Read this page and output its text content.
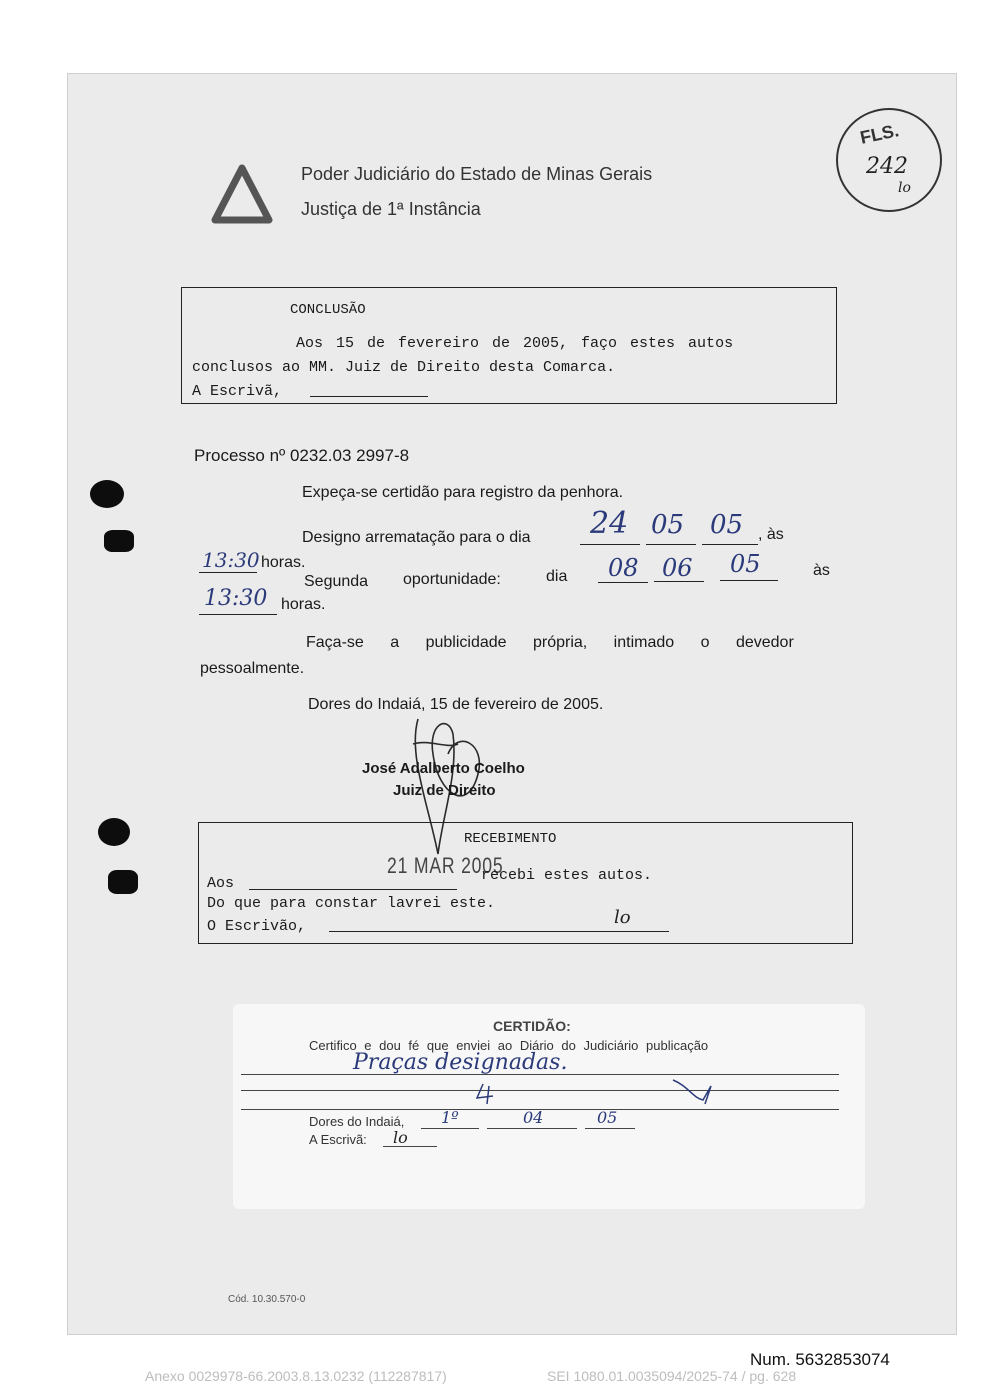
Poder Judiciário do Estado de Minas Gerais
Justiça de 1ª Instância
FLS.
242
lo
CONCLUSÃO
Aos 15 de fevereiro de 2005, faço estes autos
conclusos ao MM. Juiz de Direito desta Comarca.
A Escrivã,
Processo nº 0232.03 2997-8
Expeça-se certidão para registro da penhora.
Designo arrematação para o dia 24 05 05 , às
13:30 horas.
Segunda oportunidade:	dia 08 06 05	às
13:30 horas.
Faça-se a publicidade própria, intimado o devedor
pessoalmente.
Dores do Indaiá, 15 de fevereiro de 2005.
José Adalberto Coelho
Juiz de Direito
RECEBIMENTO
Aos
21 MAR 2005
recebi estes autos.
Do que para constar lavrei este.
O Escrivão,	lo
CERTIDÃO:
Certifico e dou fé que enviei ao Diário do Judiciário publicação
Praças designadas.
Dores do Indaiá, 1º	04	05
A Escrivã: lo
Cód. 10.30.570-0
Num. 5632853074
Anexo 0029978-66.2003.8.13.0232 (112287817)	SEI 1080.01.0035094/2025-74 / pg. 628
